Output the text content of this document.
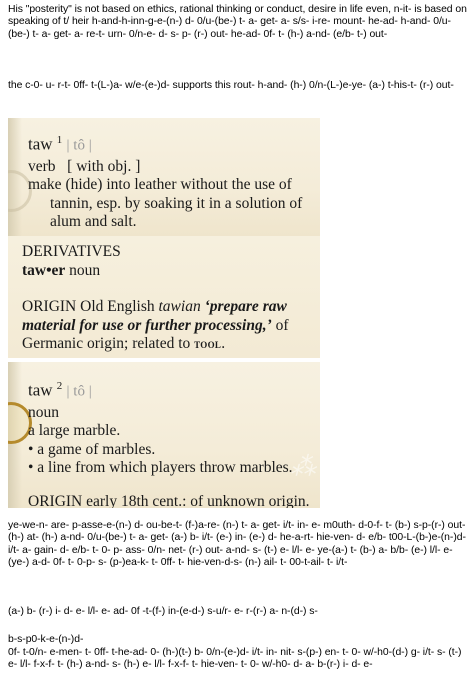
His "posterity" is not based on ethics, rational thinking or conduct, desire in life even, n-it- is based on speaking of t/ heir h-and-h-inn-g-e-(n-) d- 0/u-(be-) t- a- get- a- s/s- i-re- mount- he-ad- h-and- 0/u-(be-) t- a- get- a- re-t- urn- 0/n-e- d- s- p- (r-) out- he-ad- 0f- t- (h-) a-nd- (e/b- t-) out-
the c-0- u- r-t- 0ff- t-(L-)a- w/e-(e-)d- supports this rout- h-and- (h-) 0/n-(L-)e-ye- (a-) t-his-t- (r-) out-
taw $^1$ | tô |
verb [ with obj. ]
make (hide) into leather without the use of
tannin, esp. by soaking it in a solution of
alum and salt.
DERIVATIVES
taw•er noun
ORIGIN Old English tawian ‘prepare raw
material for use or further processing,’ of
Germanic origin; related to tool.
⁂
taw $^2$ | tô |
noun
a large marble.
• a game of marbles.
• a line from which players throw marbles.
ORIGIN early 18th cent.: of unknown origin.
ye-we-n- are- p-asse-e-(n-) d- ou-be-t- (f-)a-re- (n-) t- a- get- i/t- in- e- m0uth- d-0-f- t- (b-) s-p-(r-) out- (h-) at- (h-) a-nd- 0/u-(be-) t- a- get- (a-) b- i/t- (e-) in- (e-) d- he-a-rt- hie-ven- d- e/b- t00-L-(b-)e-(n-)d- i/t- a- gain- d- e/b- t- 0- p- ass- 0/n- net- (r-) out- a-nd- s- (t-) e- l/l- e- ye-(a-) t- (b-) a- b/b- (e-) l/l- e- (ye-) a-d- 0f- t- 0-p- s- (p-)ea-k- t- 0ff- t- hie-ven-d-s- (n-) ail- t- 00-t-ail- t- i/t-
(a-) b- (r-) i- d- e- l/l- e- ad- 0f -t-(f-) in-(e-d-) s-u/r- e- r-(r-) a- n-(d-) s-
b-s-p0-k-e-(n-)d-
0f- t-0/n- e-men- t- 0ff- t-he-ad- 0- (h-)(t-) b- 0/n-(e-)d- i/t- in- nit- s-(p-) en- t- 0- w/-h0-(d-) g- i/t- s- (t-) e- l/l- f-x-f- t- (h-) a-nd- s- (h-) e- l/l- f-x-f- t- hie-ven- t- 0- w/-h0- d- a- b-(r-) i- d- e-
